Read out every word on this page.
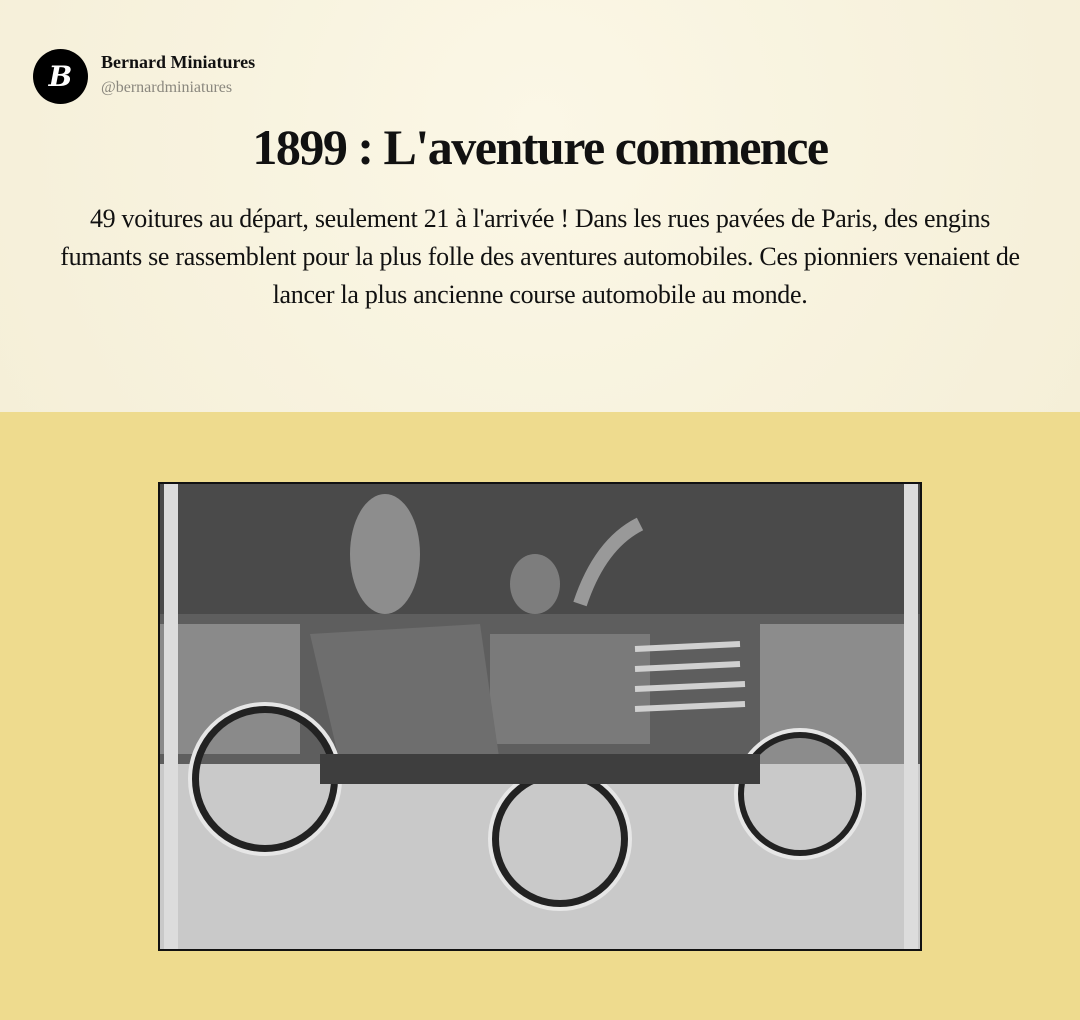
B Bernard Miniatures
@bernardminiatures
1899 : L'aventure commence

49 voitures au départ, seulement 21 à l'arrivée ! Dans les rues pavées de Paris, des engins fumants se rassemblent pour la plus folle des aventures automobiles. Ces pionniers venaient de lancer la plus ancienne course automobile au monde.
